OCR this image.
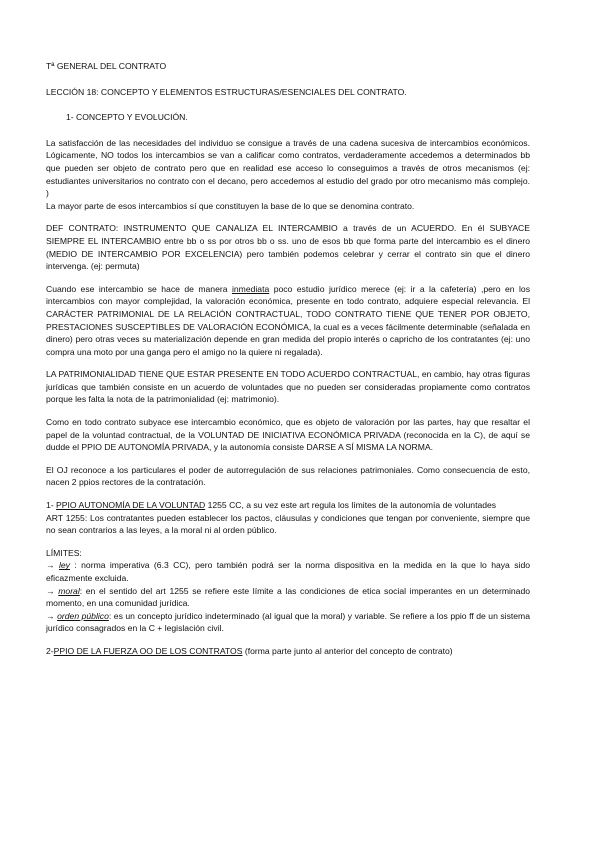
Tª GENERAL DEL CONTRATO

LECCIÓN 18: CONCEPTO Y ELEMENTOS ESTRUCTURAS/ESENCIALES DEL CONTRATO.

1- CONCEPTO Y EVOLUCIÓN.

La satisfacción de las necesidades del individuo se consigue a través de una cadena sucesiva de intercambios económicos. Lógicamente, NO todos los intercambios se van a calificar como contratos, verdaderamente accedemos a determinados bb que pueden ser objeto de contrato pero que en realidad ese acceso lo conseguimos a través de otros mecanismos (ej: estudiantes universitarios no contrato con el decano, pero accedemos al estudio del grado por otro mecanismo más complejo. )

La mayor parte de esos intercambios sí que constituyen la base de lo que se denomina contrato.

DEF CONTRATO: INSTRUMENTO QUE CANALIZA EL INTERCAMBIO a través de un ACUERDO. En él SUBYACE SIEMPRE EL INTERCAMBIO entre bb o ss por otros bb o ss. uno de esos bb que forma parte del intercambio es el dinero (MEDIO DE INTERCAMBIO POR EXCELENCIA) pero también podemos celebrar y cerrar el contrato sin que el dinero intervenga. (ej: permuta)

Cuando ese intercambio se hace de manera inmediata poco estudio jurídico merece (ej: ir a la cafetería) ,pero en los intercambios con mayor complejidad, la valoración económica, presente en todo contrato, adquiere especial relevancia. El CARÁCTER PATRIMONIAL DE LA RELACIÓN CONTRACTUAL, TODO CONTRATO TIENE QUE TENER POR OBJETO, PRESTACIONES SUSCEPTIBLES DE VALORACIÓN ECONÓMICA, la cual es a veces fácilmente determinable (señalada en dinero) pero otras veces su materialización depende en gran medida del propio interés o capricho de los contratantes (ej: uno compra una moto por una ganga pero el amigo no la quiere ni regalada).

LA PATRIMONIALIDAD TIENE QUE ESTAR PRESENTE EN TODO ACUERDO CONTRACTUAL, en cambio, hay otras figuras jurídicas que también consiste en un acuerdo de voluntades que no pueden ser consideradas propiamente como contratos porque les falta la nota de la patrimonialidad (ej: matrimonio).

Como en todo contrato subyace ese intercambio económico, que es objeto de valoración por las partes, hay que resaltar el papel de la voluntad contractual, de la VOLUNTAD DE INICIATIVA ECONÓMICA PRIVADA (reconocida en la C), de aquí se dudde el PPIO DE AUTONOMÍA PRIVADA, y la autonomía consiste DARSE A SÍ MISMA LA NORMA.

El OJ reconoce a los particulares el poder de autorregulación de sus relaciones patrimoniales. Como consecuencia de esto, nacen 2 ppios rectores de la contratación.

1- PPIO AUTONOMÍA DE LA VOLUNTAD 1255 CC, a su vez este art regula los límites de la autonomía de voluntades

ART 1255: Los contratantes pueden establecer los pactos, cláusulas y condiciones que tengan por conveniente, siempre que no sean contrarios a las leyes, a la moral ni al orden público.

LÍMITES:

→ ley : norma imperativa (6.3 CC), pero también podrá ser la norma dispositiva en la medida en la que lo haya sido eficazmente excluida.

→ moral: en el sentido del art 1255 se refiere este límite a las condiciones de etica social imperantes en un determinado momento, en una comunidad jurídica.

→ orden público: es un concepto jurídico indeterminado (al igual que la moral) y variable. Se refiere a los ppio ff de un sistema jurídico consagrados en la C + legislación civil.

2-PPIO DE LA FUERZA OO DE LOS CONTRATOS (forma parte junto al anterior del concepto de contrato)
